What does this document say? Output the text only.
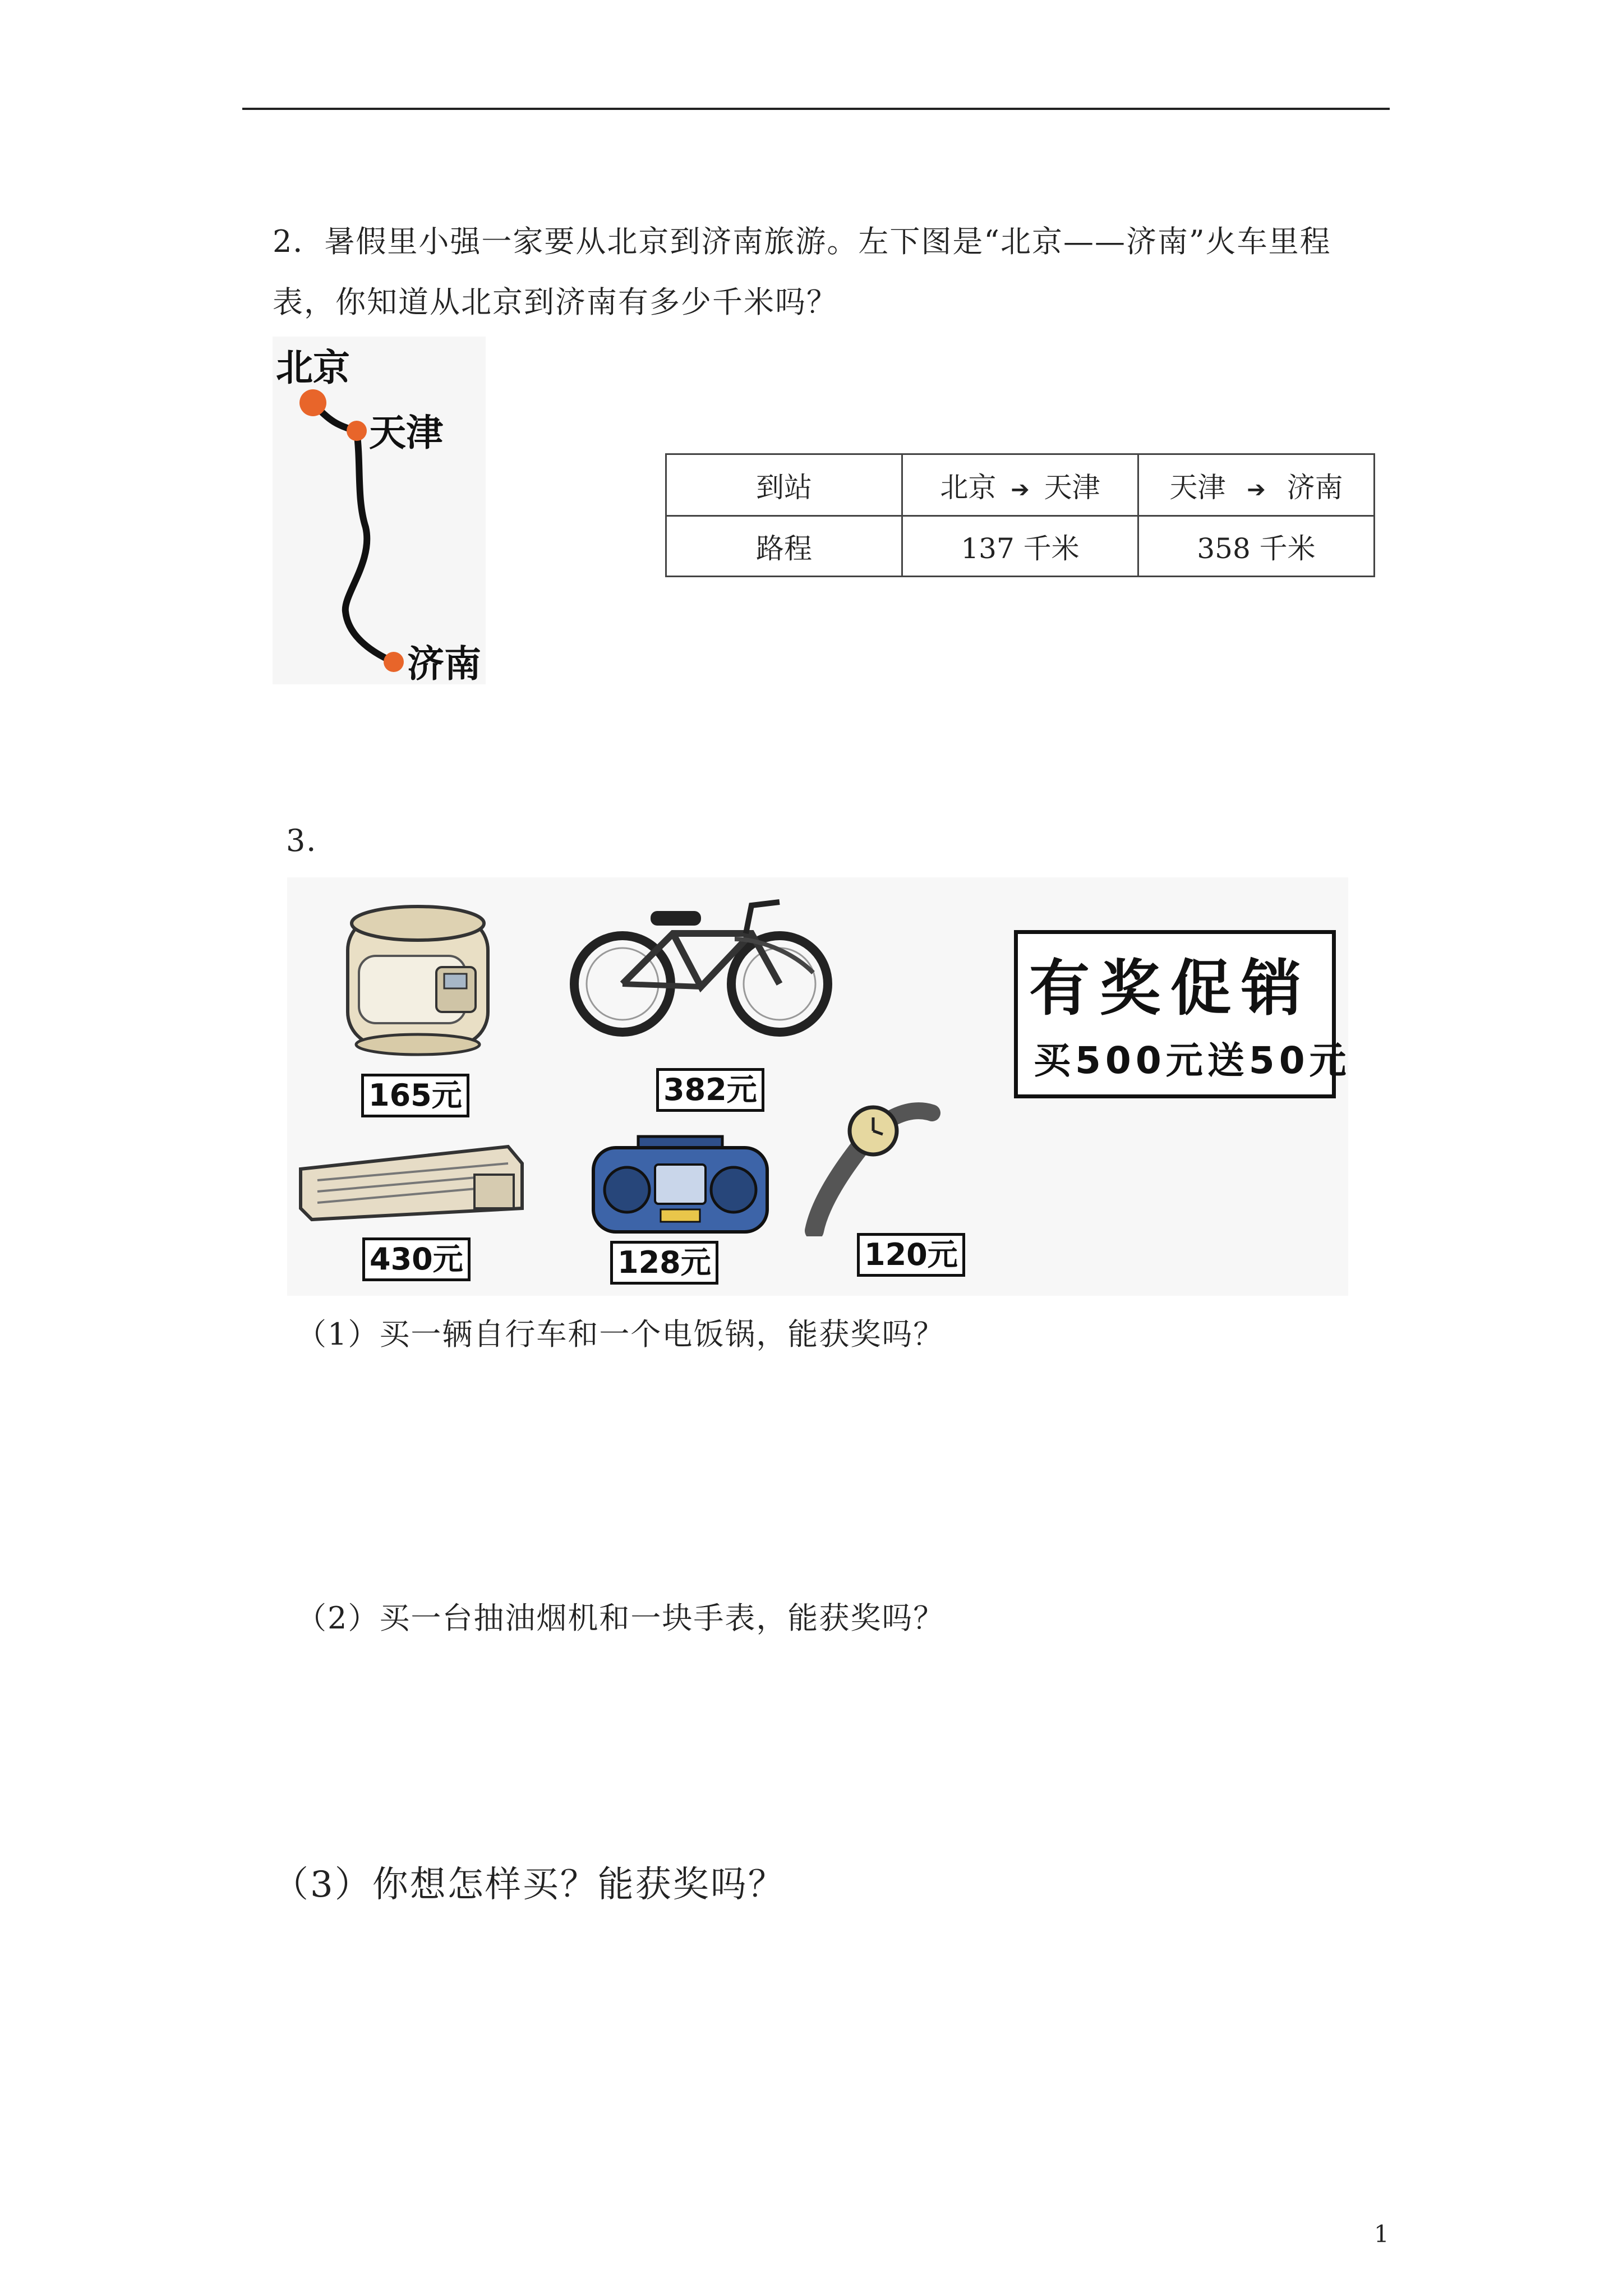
2．暑假里小强一家要从北京到济南旅游。左下图是“北京——济南”火车里程
表，你知道从北京到济南有多少千米吗？
北京
天津
济南
到站	北京 ➔ 天津	天津 ➔ 济南
路程	137 千米	358 千米
3．
165元	382元
有奖促销
买500元送50元
430元	128元	120元
（1）买一辆自行车和一个电饭锅，能获奖吗？
（2）买一台抽油烟机和一块手表，能获奖吗？
（3）你想怎样买？能获奖吗？
1
